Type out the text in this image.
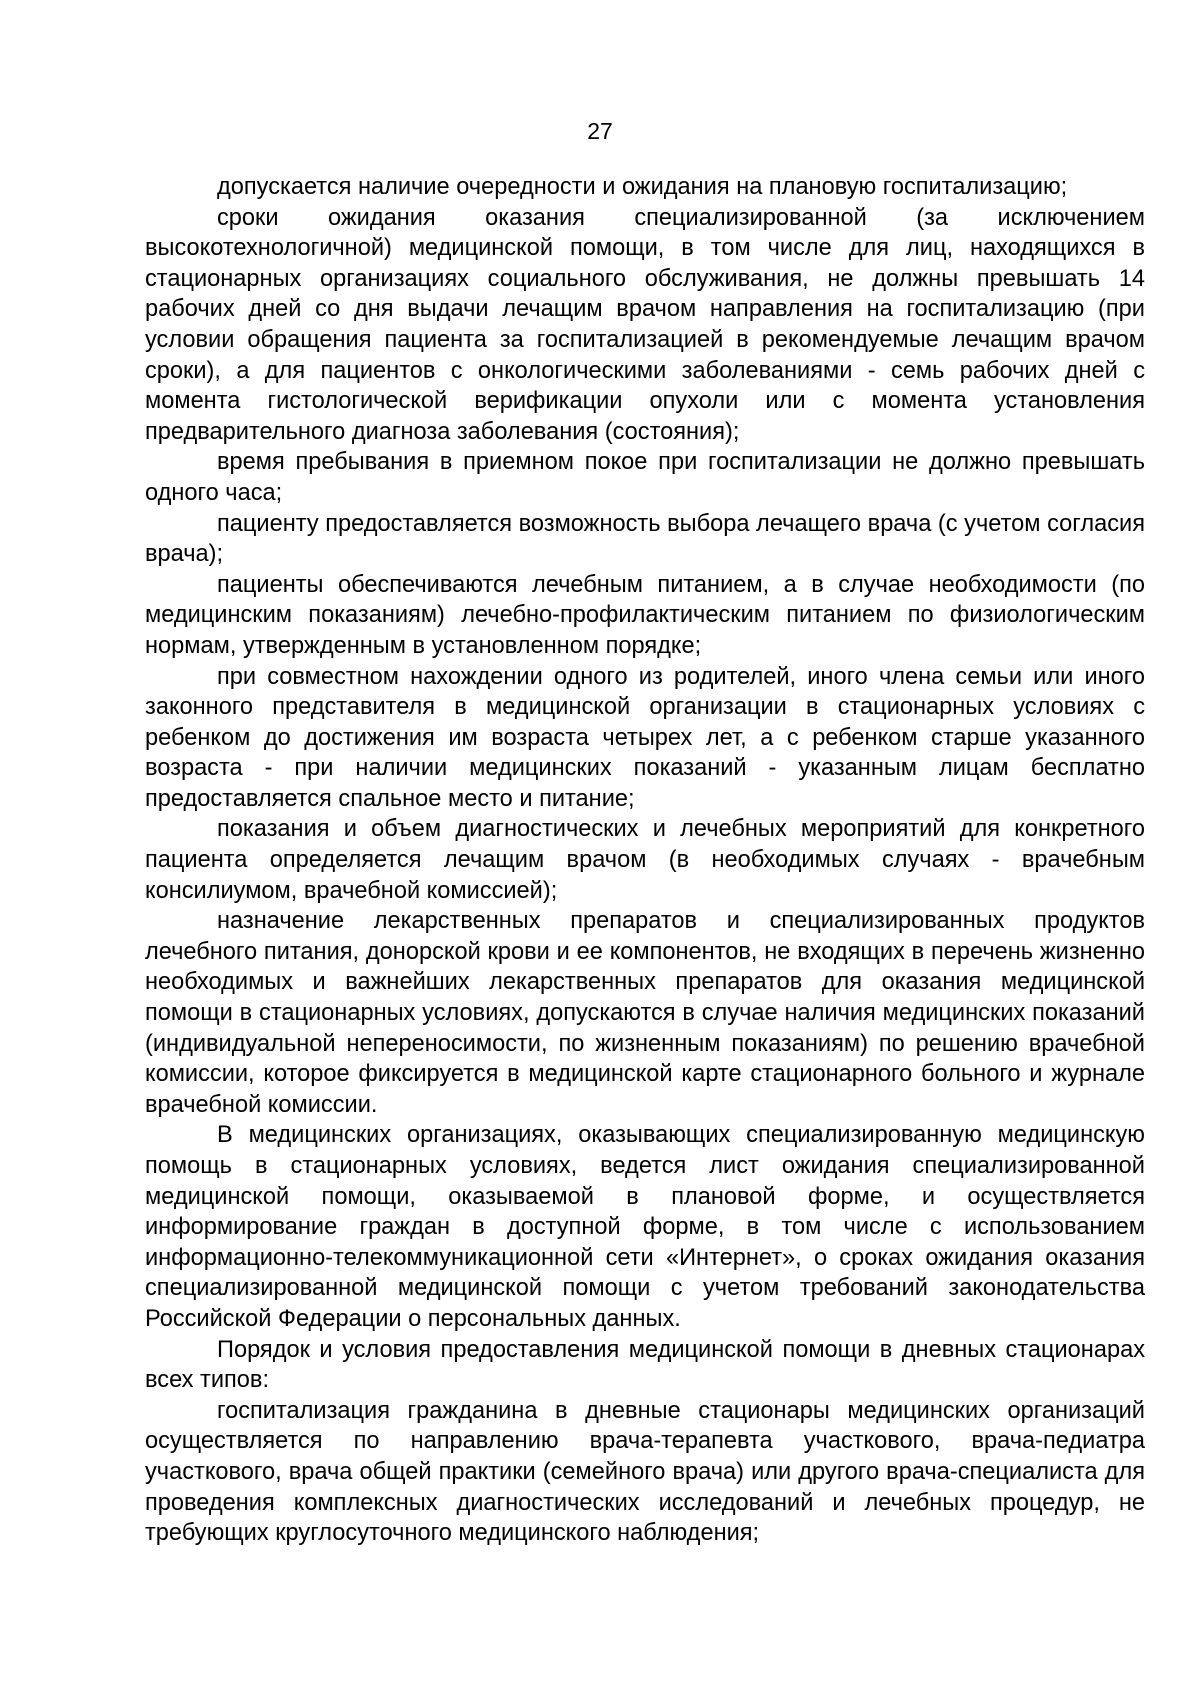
27

допускается наличие очередности и ожидания на плановую госпитализацию;

сроки ожидания оказания специализированной (за исключением высокотехнологичной) медицинской помощи, в том числе для лиц, находящихся в стационарных организациях социального обслуживания, не должны превышать 14 рабочих дней со дня выдачи лечащим врачом направления на госпитализацию (при условии обращения пациента за госпитализацией в рекомендуемые лечащим врачом сроки), а для пациентов с онкологическими заболеваниями - семь рабочих дней с момента гистологической верификации опухоли или с момента установления предварительного диагноза заболевания (состояния);

время пребывания в приемном покое при госпитализации не должно превышать одного часа;

пациенту предоставляется возможность выбора лечащего врача (с учетом согласия врача);

пациенты обеспечиваются лечебным питанием, а в случае необходимости (по медицинским показаниям) лечебно-профилактическим питанием по физиологическим нормам, утвержденным в установленном порядке;

при совместном нахождении одного из родителей, иного члена семьи или иного законного представителя в медицинской организации в стационарных условиях с ребенком до достижения им возраста четырех лет, а с ребенком старше указанного возраста - при наличии медицинских показаний - указанным лицам бесплатно предоставляется спальное место и питание;

показания и объем диагностических и лечебных мероприятий для конкретного пациента определяется лечащим врачом (в необходимых случаях - врачебным консилиумом, врачебной комиссией);

назначение лекарственных препаратов и специализированных продуктов лечебного питания, донорской крови и ее компонентов, не входящих в перечень жизненно необходимых и важнейших лекарственных препаратов для оказания медицинской помощи в стационарных условиях, допускаются в случае наличия медицинских показаний (индивидуальной непереносимости, по жизненным показаниям) по решению врачебной комиссии, которое фиксируется в медицинской карте стационарного больного и журнале врачебной комиссии.

В медицинских организациях, оказывающих специализированную медицинскую помощь в стационарных условиях, ведется лист ожидания специализированной медицинской помощи, оказываемой в плановой форме, и осуществляется информирование граждан в доступной форме, в том числе с использованием информационно-телекоммуникационной сети «Интернет», о сроках ожидания оказания специализированной медицинской помощи с учетом требований законодательства Российской Федерации о персональных данных.

Порядок и условия предоставления медицинской помощи в дневных стационарах всех типов:

госпитализация гражданина в дневные стационары медицинских организаций осуществляется по направлению врача-терапевта участкового, врача-педиатра участкового, врача общей практики (семейного врача) или другого врача-специалиста для проведения комплексных диагностических исследований и лечебных процедур, не требующих круглосуточного медицинского наблюдения;
